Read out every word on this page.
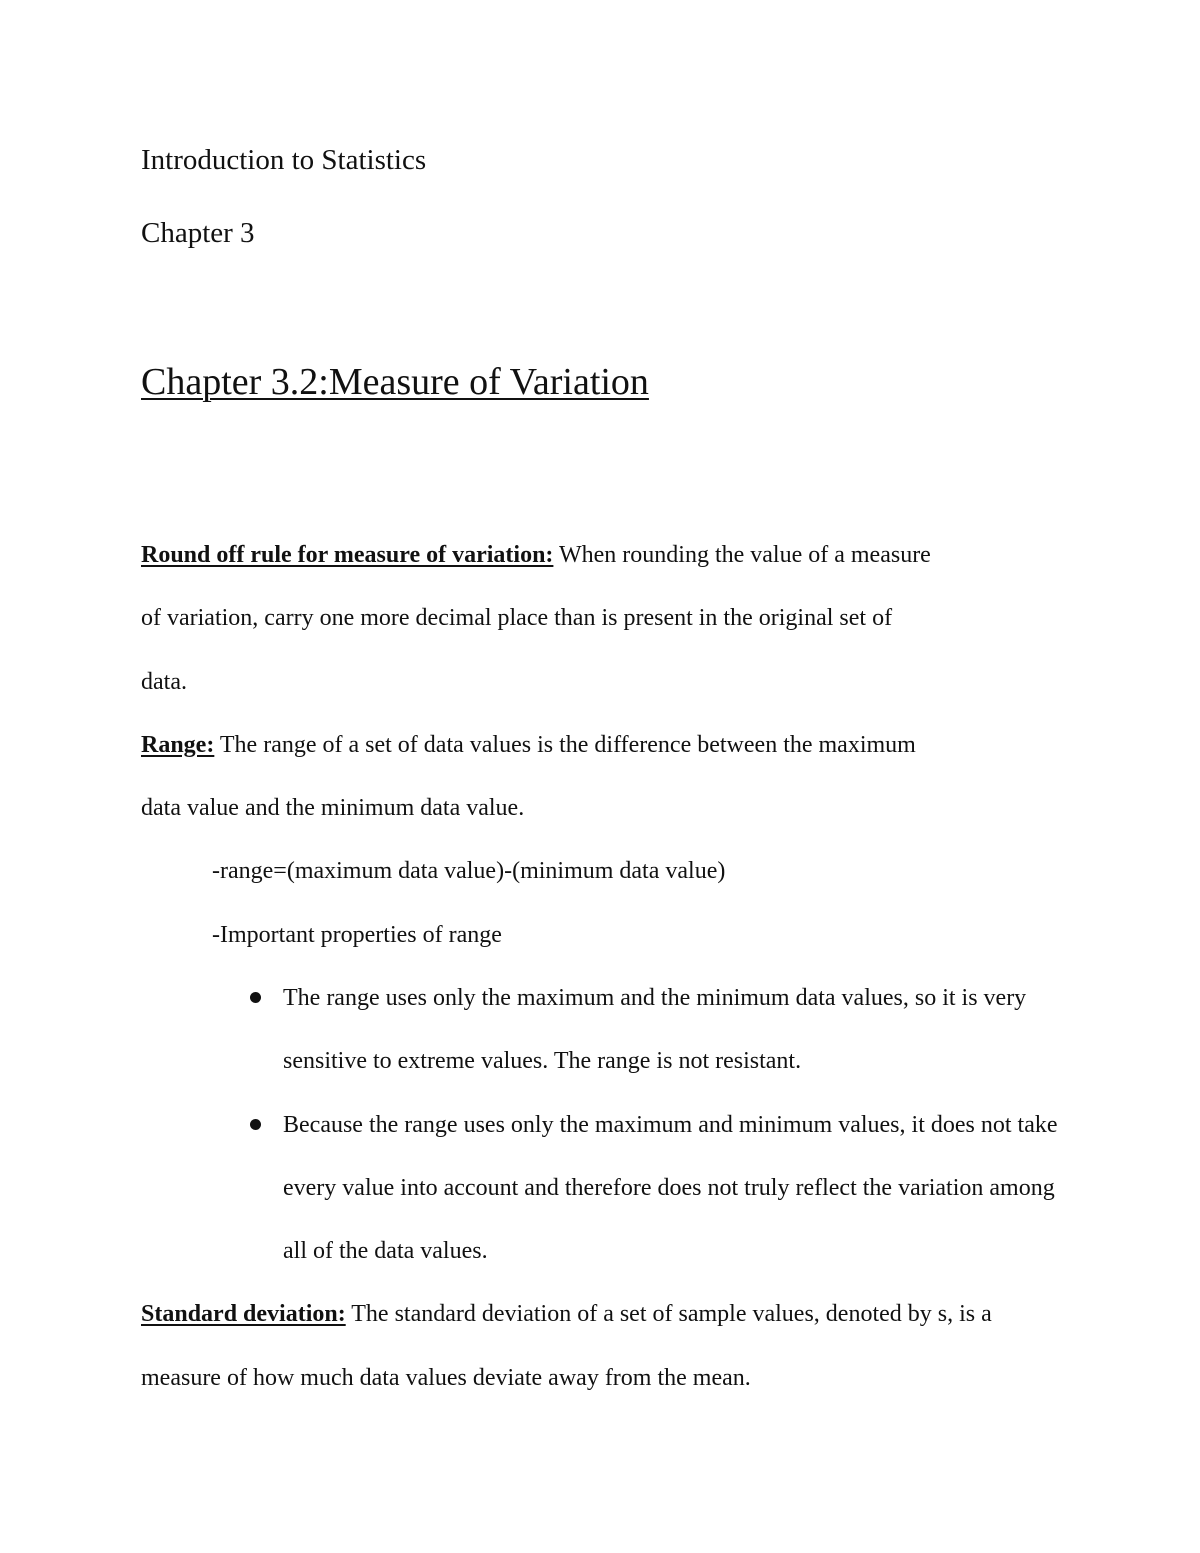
Introduction to Statistics
Chapter 3
Chapter 3.2:Measure of Variation
Round off rule for measure of variation: When rounding the value of a measure
of variation, carry one more decimal place than is present in the original set of
data.
Range: The range of a set of data values is the difference between the maximum
data value and the minimum data value.
-range=(maximum data value)-(minimum data value)
-Important properties of range
The range uses only the maximum and the minimum data values, so it is very
sensitive to extreme values. The range is not resistant.
Because the range uses only the maximum and minimum values, it does not take
every value into account and therefore does not truly reflect the variation among
all of the data values.
Standard deviation: The standard deviation of a set of sample values, denoted by s, is a
measure of how much data values deviate away from the mean.
